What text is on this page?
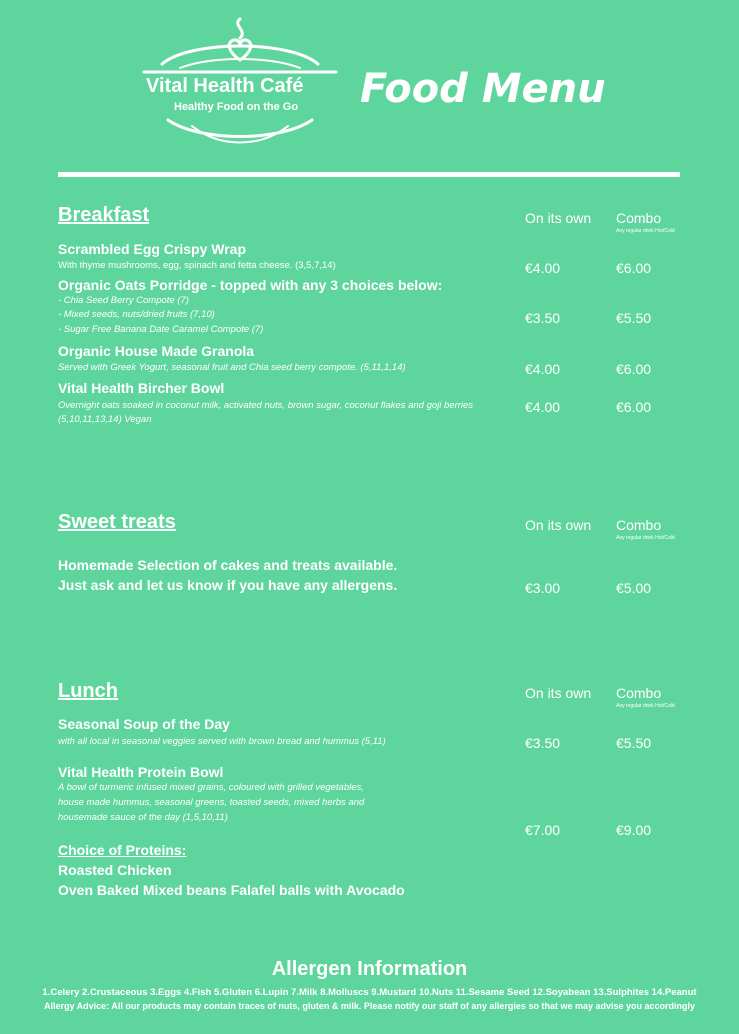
Vital Health Café
Healthy Food on the Go Food Menu
Breakfast	On its own Combo
Any regular drink Hot/Cold
Scrambled Egg Crispy Wrap
With thyme mushrooms, egg, spinach and fetta cheese. (3,5,7,14)	€4.00	€6.00
Organic Oats Porridge - topped with any 3 choices below:
- Chia Seed Berry Compote (7)
- Mixed seeds, nuts/dried fruits (7,10)
- Sugar Free Banana Date Caramel Compote (7)
€3.50	€5.50
Organic House Made Granola
Served with Greek Yogurt, seasonal fruit and Chia seed berry compote. (5,11,1,14)	€4.00	€6.00
Vital Health Bircher Bowl
Overnight oats soaked in coconut milk, activated nuts, brown sugar, coconut flakes and goji berries (5,10,11,13,14) Vegan
€4.00	€6.00
Sweet treats	On its own Combo
Any regular drink Hot/Cold
Homemade Selection of cakes and treats available.
Just ask and let us know if you have any allergens.	€3.00	€5.00
Lunch	On its own Combo
Any regular drink Hot/Cold
Seasonal Soup of the Day
with all local in seasonal veggies served with brown bread and hummus (5,11)	€3.50	€5.50
Vital Health Protein Bowl
A bowl of turmeric infused mixed grains, coloured with grilled vegetables,
house made hummus, seasonal greens, toasted seeds, mixed herbs and
housemade sauce of the day (1,5,10,11)
€7.00	€9.00
Choice of Proteins:
Roasted Chicken
Oven Baked Mixed beans Falafel balls with Avocado
Allergen Information
1.Celery 2.Crustaceous 3.Eggs 4.Fish 5.Gluten 6.Lupin 7.Milk 8.Molluscs 9.Mustard 10.Nuts 11.Sesame Seed 12.Soyabean 13.Sulphites 14.Peanut
Allergy Advice: All our products may contain traces of nuts, gluten & milk. Please notify our staff of any allergies so that we may advise you accordingly
